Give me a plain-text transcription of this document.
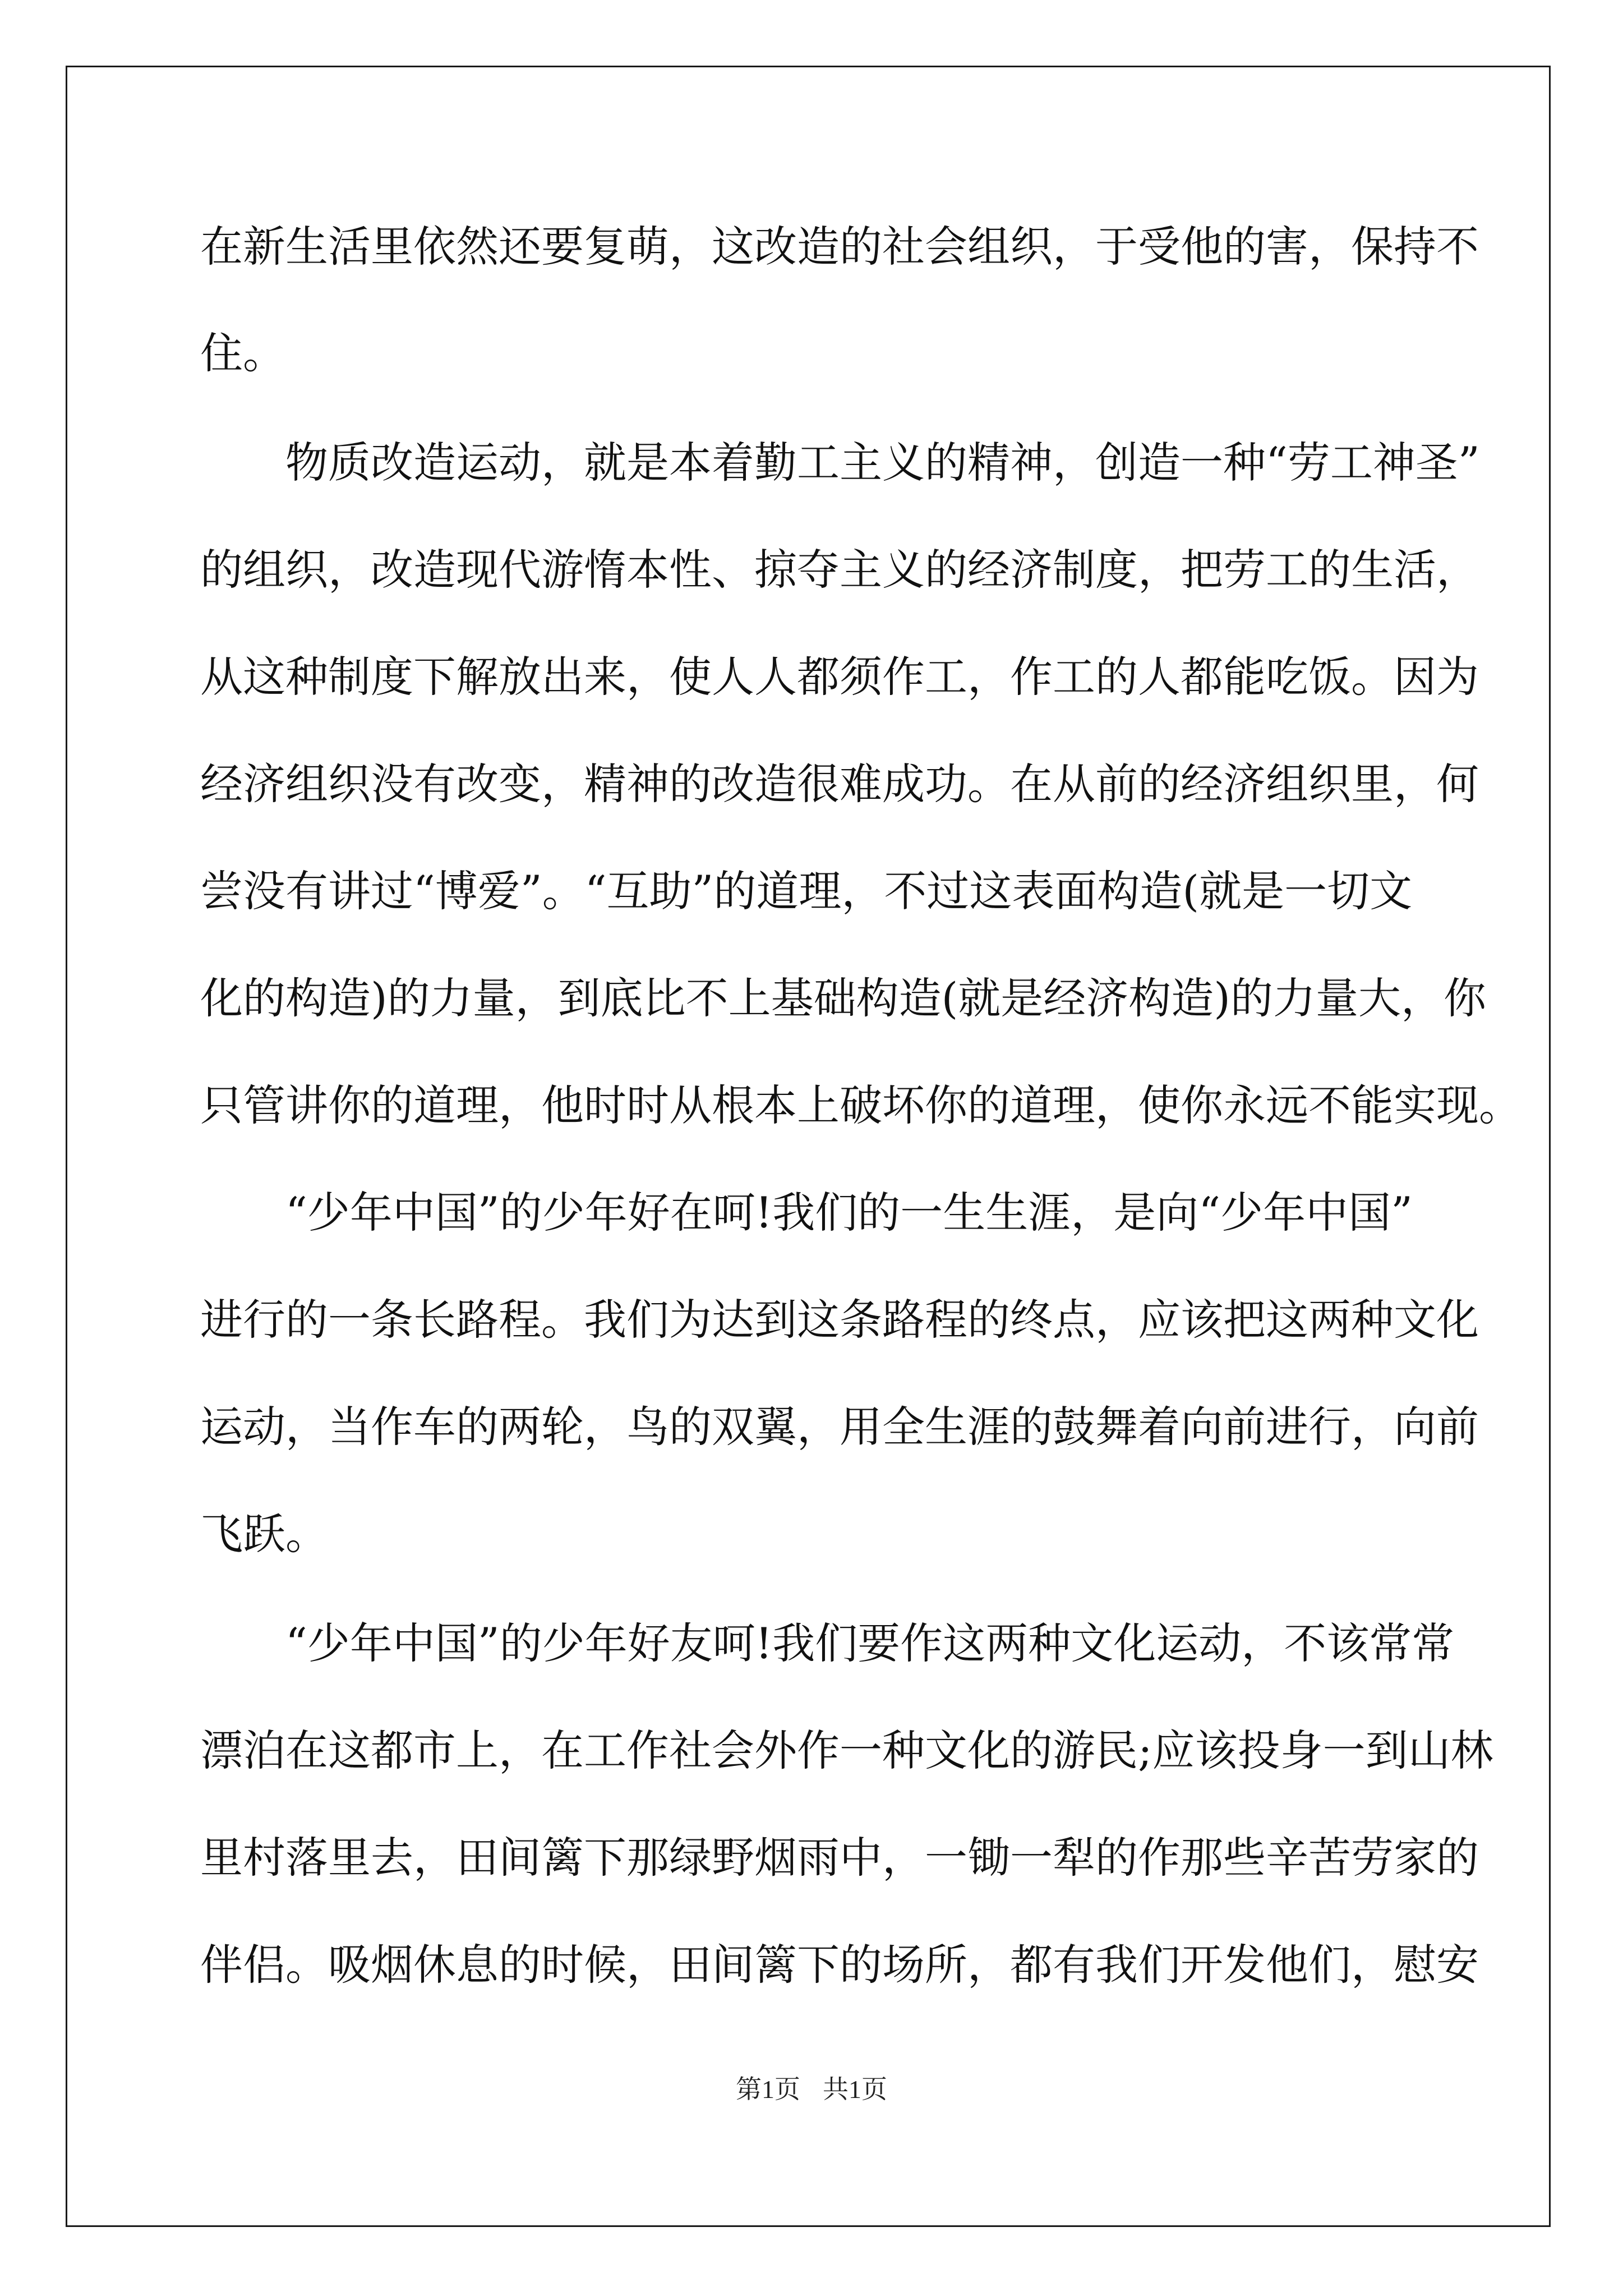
在新生活里依然还要复萌，这改造的社会组织，于受他的害，保持不
住。
　　物质改造运动，就是本着勤工主义的精神，创造一种“劳工神圣”
的组织，改造现代游惰本性、掠夺主义的经济制度，把劳工的生活，
从这种制度下解放出来，使人人都须作工，作工的人都能吃饭。因为
经济组织没有改变，精神的改造很难成功。在从前的经济组织里，何
尝没有讲过“博爱”。“互助”的道理，不过这表面构造(就是一切文
化的构造)的力量，到底比不上基础构造(就是经济构造)的力量大，你
只管讲你的道理，他时时从根本上破坏你的道理，使你永远不能实现。
　　“少年中国”的少年好在呵!我们的一生生涯，是向“少年中国”
进行的一条长路程。我们为达到这条路程的终点，应该把这两种文化
运动，当作车的两轮，鸟的双翼，用全生涯的鼓舞着向前进行，向前
飞跃。
　　“少年中国”的少年好友呵!我们要作这两种文化运动，不该常常
漂泊在这都市上，在工作社会外作一种文化的游民;应该投身一到山林
里村落里去，田间篱下那绿野烟雨中，一锄一犁的作那些辛苦劳家的
伴侣。吸烟休息的时候，田间篱下的场所，都有我们开发他们，慰安
第1页 共1页
